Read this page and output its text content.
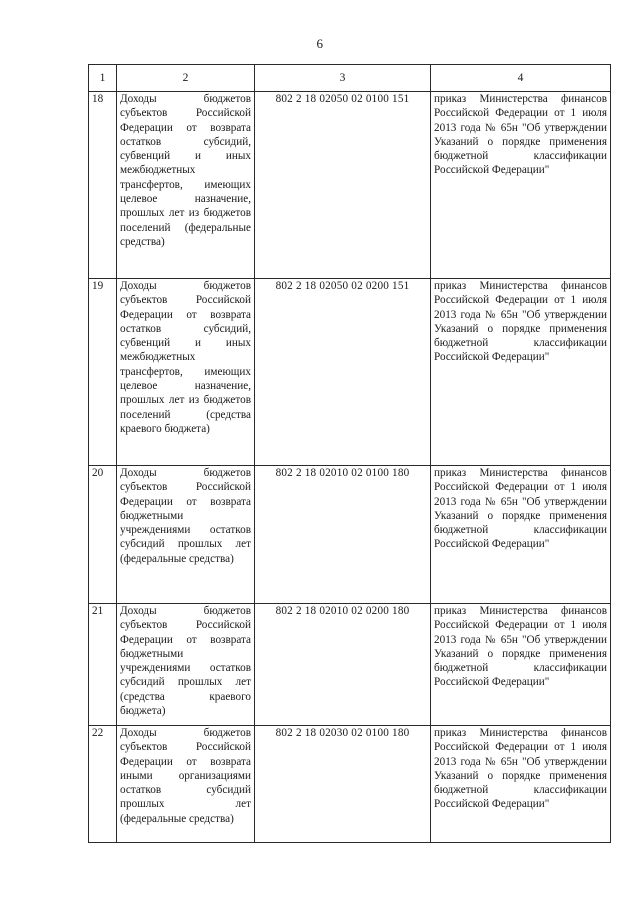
6
1	2	3	4
18	Доходы бюджетов субъектов Российской Федерации от возврата остатков субсидий, субвенций и иных межбюджетных трансфертов, имеющих целевое назначение, прошлых лет из бюджетов поселений (федеральные средства)	802 2 18 02050 02 0100 151	приказ Министерства финансов Российской Федерации от 1 июля 2013 года № 65н "Об утверждении Указаний о порядке применения бюджетной классификации Российской Федерации"
19	Доходы бюджетов субъектов Российской Федерации от возврата остатков субсидий, субвенций и иных межбюджетных трансфертов, имеющих целевое назначение, прошлых лет из бюджетов поселений (средства краевого бюджета)	802 2 18 02050 02 0200 151	приказ Министерства финансов Российской Федерации от 1 июля 2013 года № 65н "Об утверждении Указаний о порядке применения бюджетной классификации Российской Федерации"
20	Доходы бюджетов субъектов Российской Федерации от возврата бюджетными учреждениями остатков субсидий прошлых лет (федеральные средства)	802 2 18 02010 02 0100 180	приказ Министерства финансов Российской Федерации от 1 июля 2013 года № 65н "Об утверждении Указаний о порядке применения бюджетной классификации Российской Федерации"
21	Доходы бюджетов субъектов Российской Федерации от возврата бюджетными учреждениями остатков субсидий прошлых лет (средства краевого бюджета)	802 2 18 02010 02 0200 180	приказ Министерства финансов Российской Федерации от 1 июля 2013 года № 65н "Об утверждении Указаний о порядке применения бюджетной классификации Российской Федерации"
22	Доходы бюджетов субъектов Российской Федерации от возврата иными организациями остатков субсидий прошлых лет (федеральные средства)	802 2 18 02030 02 0100 180	приказ Министерства финансов Российской Федерации от 1 июля 2013 года № 65н "Об утверждении Указаний о порядке применения бюджетной классификации Российской Федерации"
